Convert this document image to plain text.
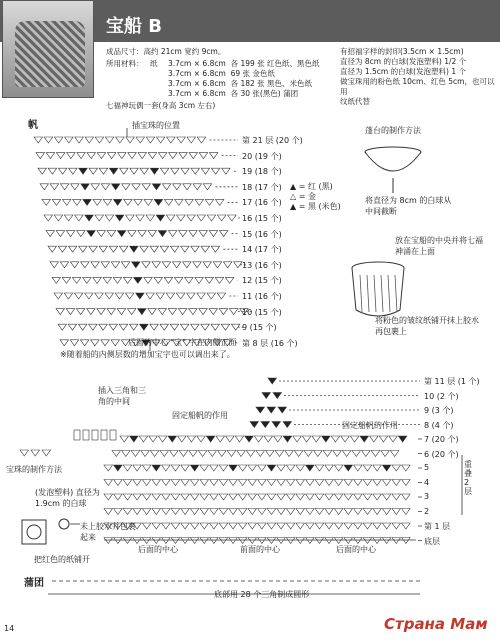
宝船 B
成品尺寸：高约 21cm 宽约 9cm。
所用材料： 纸 3.7cm × 6.8cm 各 199 张 红色纸、黑色纸
3.7cm × 6.8cm 69 张 金色纸
3.7cm × 6.8cm 各 182 张 黑色、米色纸
3.7cm × 6.8cm 各 30 张(黑色) 蒲团
七福神玩偶一套(身高 3cm 左右)
有招福字样的封印(3.5cm × 1.5cm)
直径为 8cm 的白球(发泡塑料) 1/2 个
直径为 1.5cm 的白球(发泡塑料) 1 个
做宝珠用的粉色纸 10cm、红色 5cm，也可以用
纹纸代替
帆	插宝珠的位置
第 21 层 (20 个)
20 (19 个)
19 (18 个)
18 (17 个)
17 (16 个)
16 (15 个)
15 (16 个)
14 (17 个)
13 (16 个)
12 (15 个)
11 (16 个)
10 (15 个)
9 (15 个)
第 8 层 (16 个)
▲ = 红 (黑)
△ = 金
▲ = 黑 (米色)
后面的中心 "宝" 字在内侧正面
※随着船的内侧层数的增加宝字也可以调出来了。
蓬台的制作方法
将直径为 8cm 的白球从中间截断
放在宝船的中央并将七福神涌在上面
将粉色的皱纹纸铺开抹上胶水再包裹上
插入三角和三角的中间
固定船帆的作用
固定船帆的作用
第 11 层 (1 个)
10 (2 个)
9 (3 个)
8 (4 个)
7 (20 个)
6 (20 个)
5
4
3
2
第 1 层
底层
重叠 2 层
后面的中心	前面的中心	后面的中心
蒲团
底部用 28 个三角制成圆形
宝珠的制作方法
(发泡塑料) 直径为 1.9cm 的白球
未上胶水并包裹起来
把红色的纸铺开
14	Страна Мам
